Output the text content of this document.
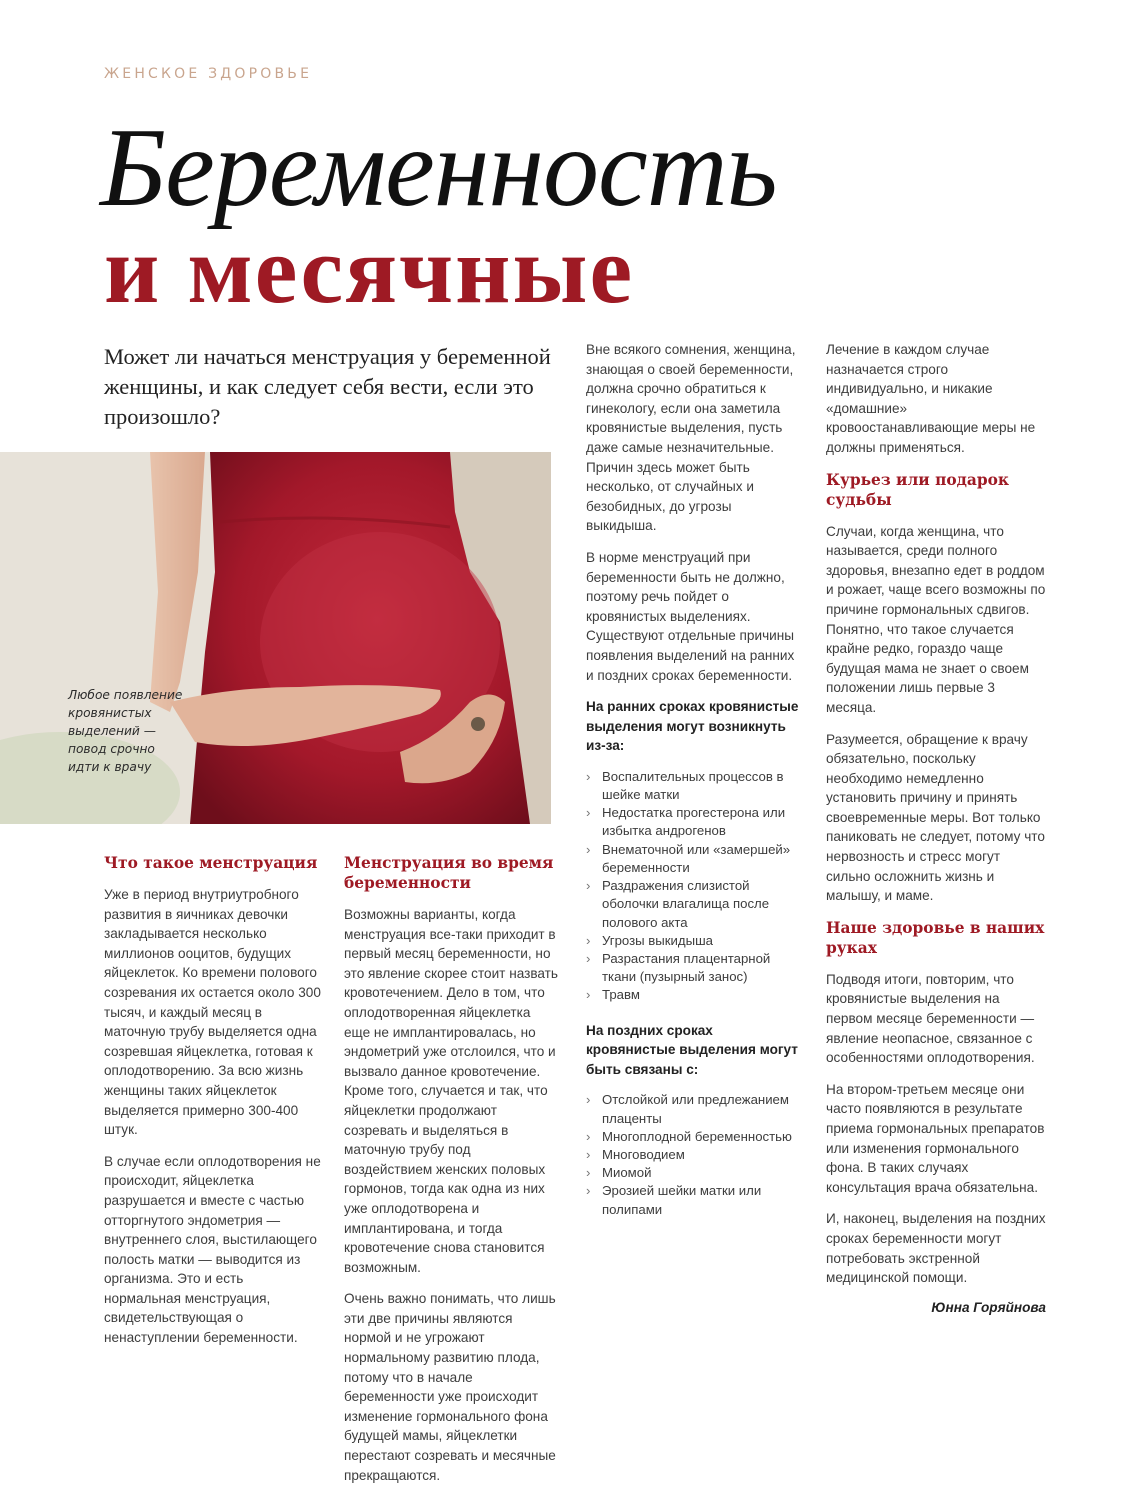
ЖЕНСКОЕ ЗДОРОВЬЕ
Беременность
и месячные
Может ли начаться менструация у беременной женщины, и как следует себя вести, если это произошло?
Любое появление кровянистых выделений — повод срочно идти к врачу
Что такое менструация

Уже в период внутриутробного развития в яичниках девочки закладывается несколько миллионов ооцитов, будущих яйцеклеток. Ко времени полового созревания их остается около 300 тысяч, и каждый месяц в маточную трубу выделяется одна созревшая яйцеклетка, готовая к оплодотворению. За всю жизнь женщины таких яйцеклеток выделяется примерно 300-400 штук.

В случае если оплодотворения не происходит, яйцеклетка разрушается и вместе с частью отторгнутого эндометрия — внутреннего слоя, выстилающего полость матки — выводится из организма. Это и есть нормальная менструация, свидетельствующая о ненаступлении беременности.

Менструация во время беременности

Возможны варианты, когда менструация все-таки приходит в первый месяц беременности, но это явление скорее стоит назвать кровотечением. Дело в том, что оплодотворенная яйцеклетка еще не имплантировалась, но эндометрий уже отслоился, что и вызвало данное кровотечение. Кроме того, случается и так, что яйцеклетки продолжают созревать и выделяться в маточную трубу под воздействием женских половых гормонов, тогда как одна из них уже оплодотворена и имплантирована, и тогда кровотечение снова становится возможным.

Очень важно понимать, что лишь эти две причины являются нормой и не угрожают нормальному развитию плода, потому что в начале беременности уже происходит изменение гормонального фона будущей мамы, яйцеклетки перестают созревать и месячные прекращаются.

Вне всякого сомнения, женщина, знающая о своей беременности, должна срочно обратиться к гинекологу, если она заметила кровянистые выделения, пусть даже самые незначительные. Причин здесь может быть несколько, от случайных и безобидных, до угрозы выкидыша.

В норме менструаций при беременности быть не должно, поэтому речь пойдет о кровянистых выделениях. Существуют отдельные причины появления выделений на ранних и поздних сроках беременности.

На ранних сроках кровянистые выделения могут возникнуть из-за:
› Воспалительных процессов в шейке матки
› Недостатка прогестерона или избытка андрогенов
› Внематочной или «замершей» беременности
› Раздражения слизистой оболочки влагалища после полового акта
› Угрозы выкидыша
› Разрастания плацентарной ткани (пузырный занос)
› Травм
На поздних сроках кровянистые выделения могут быть связаны с:
› Отслойкой или предлежанием плаценты
› Многоплодной беременностью
› Многоводием
› Миомой
› Эрозией шейки матки или полипами

Лечение в каждом случае назначается строго индивидуально, и никакие «домашние» кровоостанавливающие меры не должны применяться.

Курьез или подарок судьбы

Случаи, когда женщина, что называется, среди полного здоровья, внезапно едет в роддом и рожает, чаще всего возможны по причине гормональных сдвигов. Понятно, что такое случается крайне редко, гораздо чаще будущая мама не знает о своем положении лишь первые 3 месяца.

Разумеется, обращение к врачу обязательно, поскольку необходимо немедленно установить причину и принять своевременные меры. Вот только паниковать не следует, потому что нервозность и стресс могут сильно осложнить жизнь и малышу, и маме.

Наше здоровье в наших руках

Подводя итоги, повторим, что кровянистые выделения на первом месяце беременности — явление неопасное, связанное с особенностями оплодотворения.

На втором-третьем месяце они часто появляются в результате приема гормональных препаратов или изменения гормонального фона. В таких случаях консультация врача обязательна.

И, наконец, выделения на поздних сроках беременности могут потребовать экстренной медицинской помощи.

Юнна Горяйнова
